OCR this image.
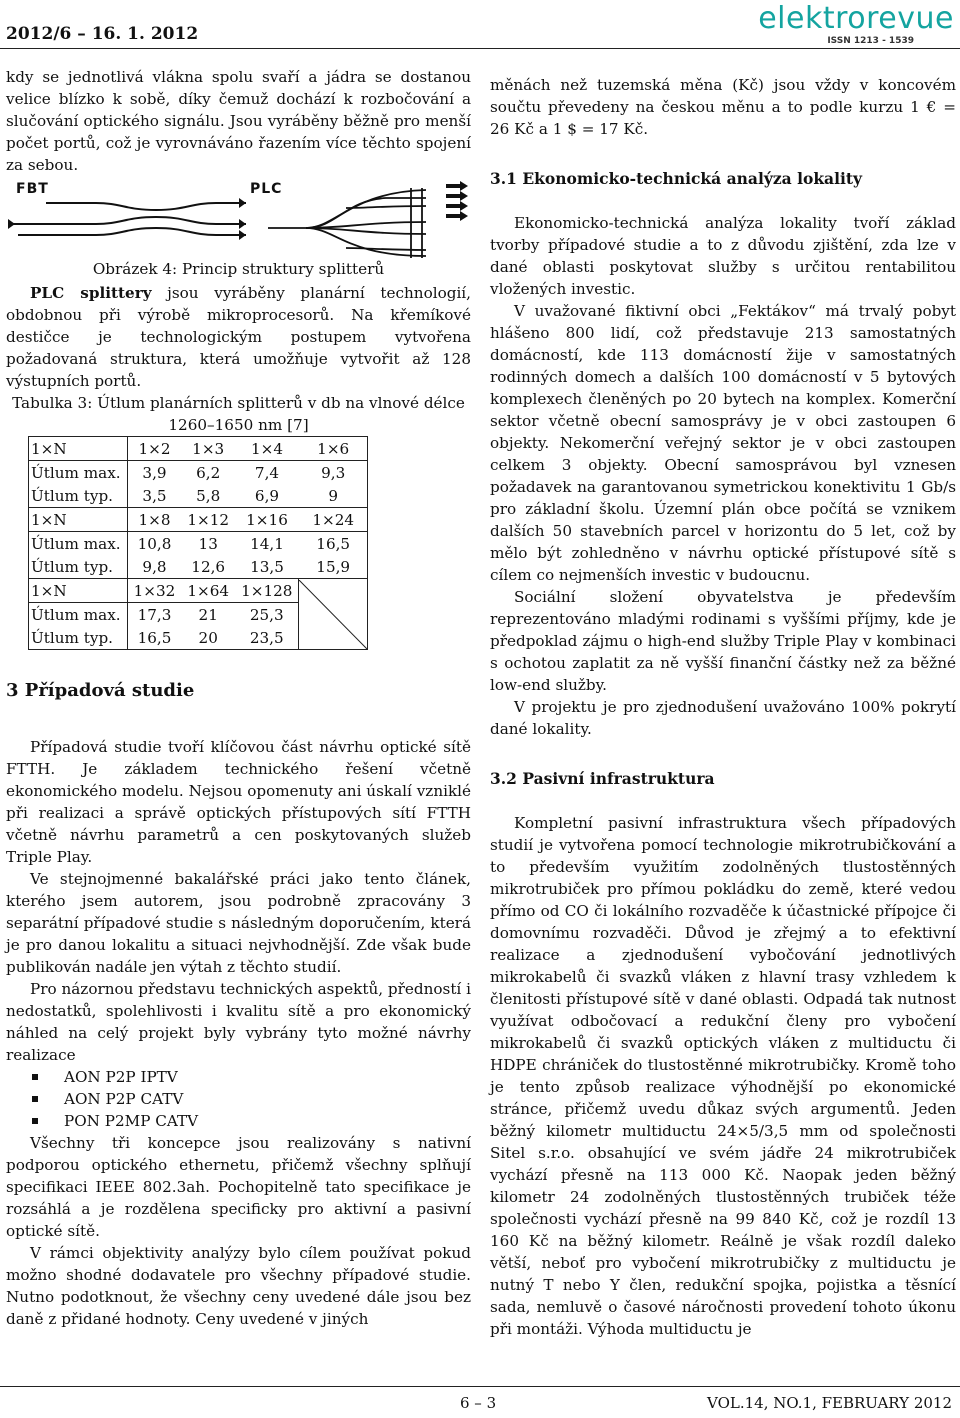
2012/6 – 16. 1. 2012	elektrorevue
ISSN 1213 - 1539

kdy se jednotlivá vlákna spolu svaří a jádra se dostanou velice blízko k sobě, díky čemuž dochází k rozbočování a slučování optického signálu. Jsou vyráběny běžně pro menší počet portů, což je vyrovnáváno řazením více těchto spojení za sebou.

FBT	PLC

Obrázek 4: Princip struktury splitterů

PLC splittery jsou vyráběny planární technologií, obdobnou při výrobě mikroprocesorů. Na křemíkové destičce je technologickým postupem vytvořena požadovaná struktura, která umožňuje vytvořit až 128 výstupních portů.

Tabulka 3: Útlum planárních splitterů v db na vlnové délce 1260–1650 nm [7]

1×N	1×2	1×3	1×4	1×6
Útlum max.	3,9	6,2	7,4	9,3
Útlum typ.	3,5	5,8	6,9	9
1×N	1×8	1×12	1×16	1×24
Útlum max.	10,8	13	14,1	16,5
Útlum typ.	9,8	12,6	13,5	15,9
1×N	1×32	1×64	1×128	

Útlum max.	17,3	21	25,3	
Útlum typ.	16,5	20	23,5	
3 Případová studie

Případová studie tvoří klíčovou část návrhu optické sítě FTTH. Je základem technického řešení včetně ekonomického modelu. Nejsou opomenuty ani úskalí vzniklé při realizaci a správě optických přístupových sítí FTTH včetně návrhu parametrů a cen poskytovaných služeb Triple Play.

Ve stejnojmenné bakalářské práci jako tento článek, kterého jsem autorem, jsou podrobně zpracovány 3 separátní případové studie s následným doporučením, která je pro danou lokalitu a situaci nejvhodnější. Zde však bude publikován nadále jen výtah z těchto studií.

Pro názornou představu technických aspektů, předností i nedostatků, spolehlivosti i kvalitu sítě a pro ekonomický náhled na celý projekt byly vybrány tyto možné návrhy realizace

AON P2P IPTV
AON P2P CATV
PON P2MP CATV

Všechny tři koncepce jsou realizovány s nativní podporou optického ethernetu, přičemž všechny splňují specifikaci IEEE 802.3ah. Pochopitelně tato specifikace je rozsáhlá a je rozdělena specificky pro aktivní a pasivní optické sítě.

V rámci objektivity analýzy bylo cílem používat pokud možno shodné dodavatele pro všechny případové studie. Nutno podotknout, že všechny ceny uvedené dále jsou bez daně z přidané hodnoty. Ceny uvedené v jiných

měnách než tuzemská měna (Kč) jsou vždy v koncovém součtu převedeny na českou měnu a to podle kurzu 1 € = 26 Kč a 1 $ = 17 Kč.

3.1 Ekonomicko-technická analýza lokality

Ekonomicko-technická analýza lokality tvoří základ tvorby případové studie a to z důvodu zjištění, zda lze v dané oblasti poskytovat služby s určitou rentabilitou vložených investic.

V uvažované fiktivní obci „Fektákov“ má trvalý pobyt hlášeno 800 lidí, což představuje 213 samostatných domácností, kde 113 domácností žije v samostatných rodinných domech a dalších 100 domácností v 5 bytových komplexech členěných po 20 bytech na komplex. Komerční sektor včetně obecní samosprávy je v obci zastoupen 6 objekty. Nekomerční veřejný sektor je v obci zastoupen celkem 3 objekty. Obecní samosprávou byl vznesen požadavek na garantovanou symetrickou konektivitu 1 Gb/s pro základní školu. Územní plán obce počítá se vznikem dalších 50 stavebních parcel v horizontu do 5 let, což by mělo být zohledněno v návrhu optické přístupové sítě s cílem co nejmenších investic v budoucnu.

Sociální složení obyvatelstva je především reprezentováno mladými rodinami s vyššími příjmy, kde je předpoklad zájmu o high-end služby Triple Play v kombinaci s ochotou zaplatit za ně vyšší finanční částky než za běžné low-end služby.

V projektu je pro zjednodušení uvažováno 100% pokrytí dané lokality.

3.2 Pasivní infrastruktura

Kompletní pasivní infrastruktura všech případových studií je vytvořena pomocí technologie mikrotrubičkování a to především využitím zodolněných tlustostěnných mikrotrubiček pro přímou pokládku do země, které vedou přímo od CO či lokálního rozvaděče k účastnické přípojce či domovnímu rozvaděči. Důvod je zřejmý a to efektivní realizace a zjednodušení vybočování jednotlivých mikrokabelů či svazků vláken z hlavní trasy vzhledem k členitosti přístupové sítě v dané oblasti. Odpadá tak nutnost využívat odbočovací a redukční členy pro vybočení mikrokabelů či svazků optických vláken z multiductu či HDPE chrániček do tlustostěnné mikrotrubičky. Kromě toho je tento způsob realizace výhodnější po ekonomické stránce, přičemž uvedu důkaz svých argumentů. Jeden běžný kilometr multiductu 24×5/3,5 mm od společnosti Sitel s.r.o. obsahující ve svém jádře 24 mikrotrubiček vychází přesně na 113 000 Kč. Naopak jeden běžný kilometr 24 zodolněných tlustostěnných trubiček téže společnosti vychází přesně na 99 840 Kč, což je rozdíl 13 160 Kč na běžný kilometr. Reálně je však rozdíl daleko větší, neboť pro vybočení mikrotrubičky z multiductu je nutný T nebo Y člen, redukční spojka, pojistka a těsnící sada, nemluvě o časové náročnosti provedení tohoto úkonu při montáži. Výhoda multiductu je

6 – 3	VOL.14, NO.1, FEBRUARY 2012
